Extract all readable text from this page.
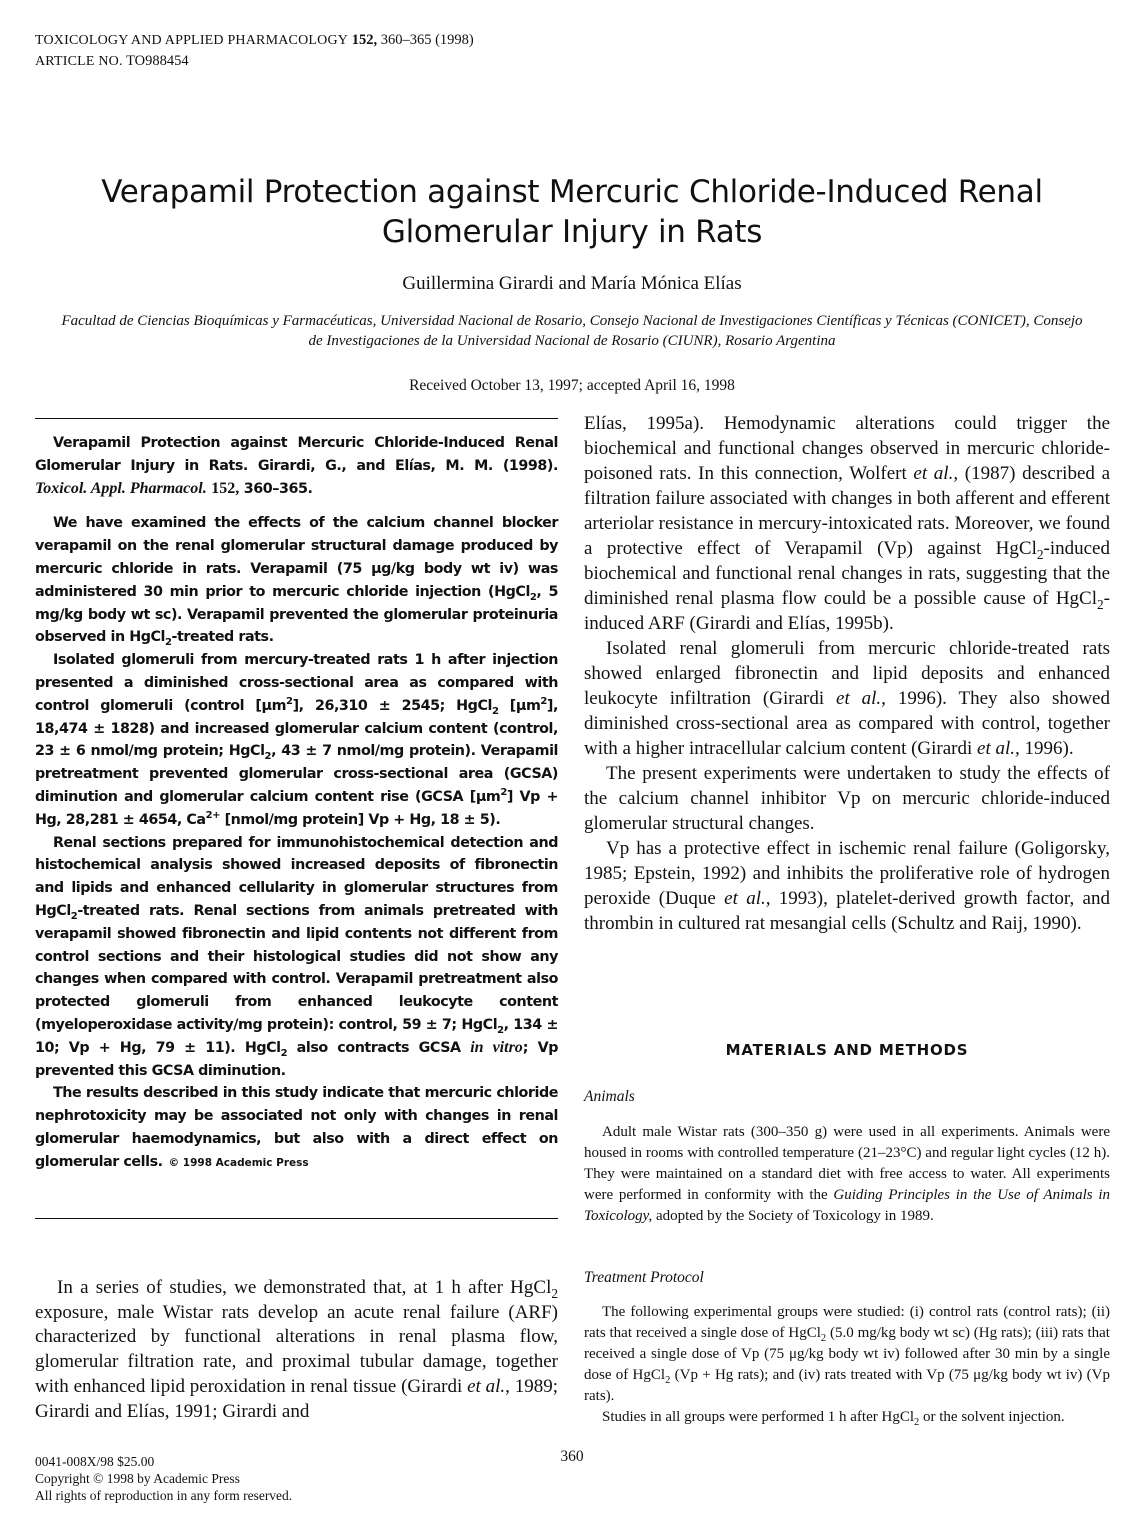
TOXICOLOGY AND APPLIED PHARMACOLOGY 152, 360–365 (1998)
ARTICLE NO. TO988454
Verapamil Protection against Mercuric Chloride-Induced Renal Glomerular Injury in Rats
Guillermina Girardi and María Mónica Elías
Facultad de Ciencias Bioquímicas y Farmacéuticas, Universidad Nacional de Rosario, Consejo Nacional de Investigaciones Científicas y Técnicas (CONICET), Consejo de Investigaciones de la Universidad Nacional de Rosario (CIUNR), Rosario Argentina
Received October 13, 1997; accepted April 16, 1998

Verapamil Protection against Mercuric Chloride-Induced Renal Glomerular Injury in Rats. Girardi, G., and Elías, M. M. (1998). Toxicol. Appl. Pharmacol. 152, 360–365.

We have examined the effects of the calcium channel blocker verapamil on the renal glomerular structural damage produced by mercuric chloride in rats. Verapamil (75 μg/kg body wt iv) was administered 30 min prior to mercuric chloride injection (HgCl$_2$, 5 mg/kg body wt sc). Verapamil prevented the glomerular proteinuria observed in HgCl$_2$-treated rats.

Isolated glomeruli from mercury-treated rats 1 h after injection presented a diminished cross-sectional area as compared with control glomeruli (control $[\mu m^2]$, 26,310 ± 2545; HgCl$_2$ $[\mu m^2]$, 18,474 ± 1828) and increased glomerular calcium content (control, 23 ± 6 nmol/mg protein; HgCl$_2$, 43 ± 7 nmol/mg protein). Verapamil pretreatment prevented glomerular cross-sectional area (GCSA) diminution and glomerular calcium content rise (GCSA $[\mu m^2] Vp + Hg$, 28,281 ± 4654, $Ca^{2+}$ [nmol/mg protein] Vp + Hg, 18 ± 5).

Renal sections prepared for immunohistochemical detection and histochemical analysis showed increased deposits of fibronectin and lipids and enhanced cellularity in glomerular structures from HgCl$_2$-treated rats. Renal sections from animals pretreated with verapamil showed fibronectin and lipid contents not different from control sections and their histological studies did not show any changes when compared with control. Verapamil pretreatment also protected glomeruli from enhanced leukocyte content (myeloperoxidase activity/mg protein): control, 59 ± 7; HgCl$_2$, 134 ± 10; Vp + Hg, 79 ± 11). HgCl$_2$ also contracts GCSA in vitro; Vp prevented this GCSA diminution.

The results described in this study indicate that mercuric chloride nephrotoxicity may be associated not only with changes in renal glomerular haemodynamics, but also with a direct effect on glomerular cells. © 1998 Academic Press

In a series of studies, we demonstrated that, at 1 h after HgCl$_2$ exposure, male Wistar rats develop an acute renal failure (ARF) characterized by functional alterations in renal plasma flow, glomerular filtration rate, and proximal tubular damage, together with enhanced lipid peroxidation in renal tissue (Girardi et al., 1989; Girardi and Elías, 1991; Girardi and

Elías, 1995a). Hemodynamic alterations could trigger the biochemical and functional changes observed in mercuric chloride-poisoned rats. In this connection, Wolfert et al., (1987) described a filtration failure associated with changes in both afferent and efferent arteriolar resistance in mercury-intoxicated rats. Moreover, we found a protective effect of Verapamil (Vp) against HgCl$_2$-induced biochemical and functional renal changes in rats, suggesting that the diminished renal plasma flow could be a possible cause of HgCl$_2$-induced ARF (Girardi and Elías, 1995b).

Isolated renal glomeruli from mercuric chloride-treated rats showed enlarged fibronectin and lipid deposits and enhanced leukocyte infiltration (Girardi et al., 1996). They also showed diminished cross-sectional area as compared with control, together with a higher intracellular calcium content (Girardi et al., 1996).

The present experiments were undertaken to study the effects of the calcium channel inhibitor Vp on mercuric chloride-induced glomerular structural changes.

Vp has a protective effect in ischemic renal failure (Goligorsky, 1985; Epstein, 1992) and inhibits the proliferative role of hydrogen peroxide (Duque et al., 1993), platelet-derived growth factor, and thrombin in cultured rat mesangial cells (Schultz and Raij, 1990).

MATERIALS AND METHODS
Animals

Adult male Wistar rats (300–350 g) were used in all experiments. Animals were housed in rooms with controlled temperature (21–23°C) and regular light cycles (12 h). They were maintained on a standard diet with free access to water. All experiments were performed in conformity with the Guiding Principles in the Use of Animals in Toxicology, adopted by the Society of Toxicology in 1989.

Treatment Protocol

The following experimental groups were studied: (i) control rats (control rats); (ii) rats that received a single dose of HgCl$_2$ (5.0 mg/kg body wt sc) (Hg rats); (iii) rats that received a single dose of Vp (75 μg/kg body wt iv) followed after 30 min by a single dose of HgCl$_2$ (Vp + Hg rats); and (iv) rats treated with Vp (75 μg/kg body wt iv) (Vp rats).

Studies in all groups were performed 1 h after HgCl$_2$ or the solvent injection.

360
0041-008X/98 $25.00
Copyright © 1998 by Academic Press
All rights of reproduction in any form reserved.
